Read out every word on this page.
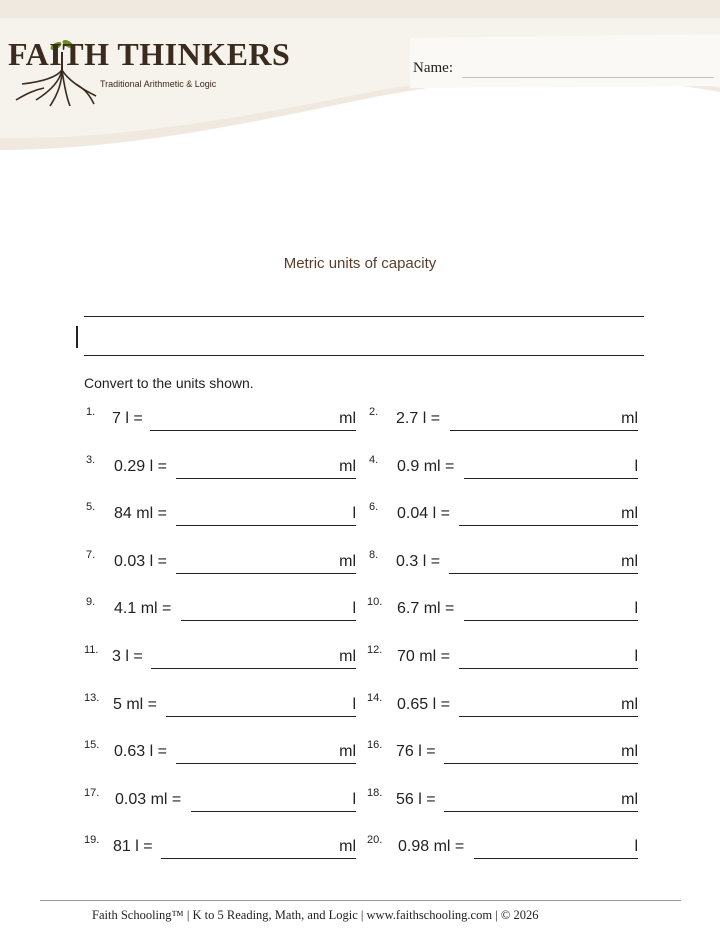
FAITH THINKERS
Traditional Arithmetic & Logic
Name:
Metric units of capacity
Convert to the units shown.
1. 7 l =	ml 2. 2.7 l =	ml
3. 0.29 l =	ml 4. 0.9 ml =	l
5. 84 ml =	l 6. 0.04 l =	ml
7. 0.03 l =	ml 8. 0.3 l =	ml
9. 4.1 ml =	l 10. 6.7 ml =	l
11. 3 l =	ml 12. 70 ml =	l
13. 5 ml =	l 14. 0.65 l =	ml
15. 0.63 l =	ml 16. 76 l =	ml
17. 0.03 ml =	l 18. 56 l =	ml
19. 81 l =	ml 20. 0.98 ml =	l
Faith Schooling™ | K to 5 Reading, Math, and Logic | www.faithschooling.com | © 2026
